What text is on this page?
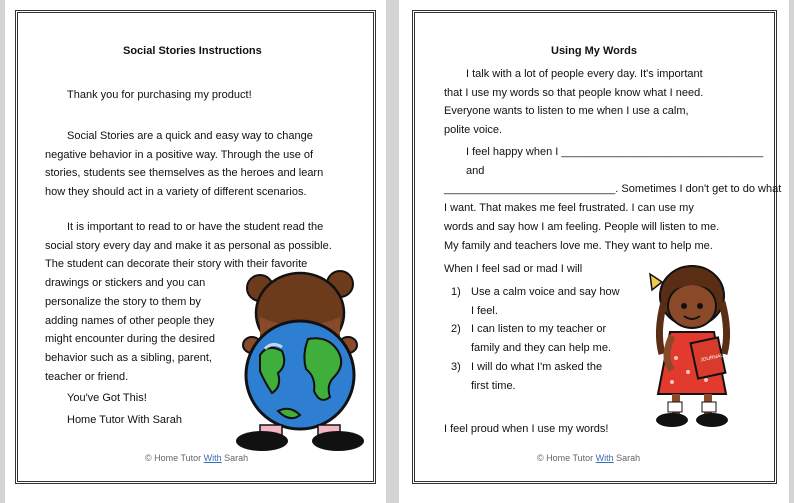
Social Stories Instructions

Thank you for purchasing my product!

Social Stories are a quick and easy way to change negative behavior in a positive way. Through the use of stories, students see themselves as the heroes and learn how they should act in a variety of different scenarios.

It is important to read to or have the student read the
social story every day and make it as personal as possible.
The student can decorate their story with their favorite
drawings or stickers and you can
personalize the story to them by
adding names of other people they
might encounter during the desired
behavior such as a sibling, parent,
teacher or friend.

You've Got This!

Home Tutor With Sarah

© Home Tutor With Sarah
Using My Words
I talk with a lot of people every day. It's important
that I use my words so that people know what I need.
Everyone wants to listen to me when I use a calm,
polite voice.
I feel happy when I _________________________________ and
____________________________. Sometimes I don't get to do what
I want. That makes me feel frustrated. I can use my
words and say how I am feeling. People will listen to me.
My family and teachers love me. They want to help me.

When I feel sad or mad I will

1) Use a calm voice and say how
I feel.
2) I can listen to my teacher or
family and they can help me.
3) I will do what I'm asked the
first time.

I feel proud when I use my words!

© Home Tutor With Sarah
JOURNAL
